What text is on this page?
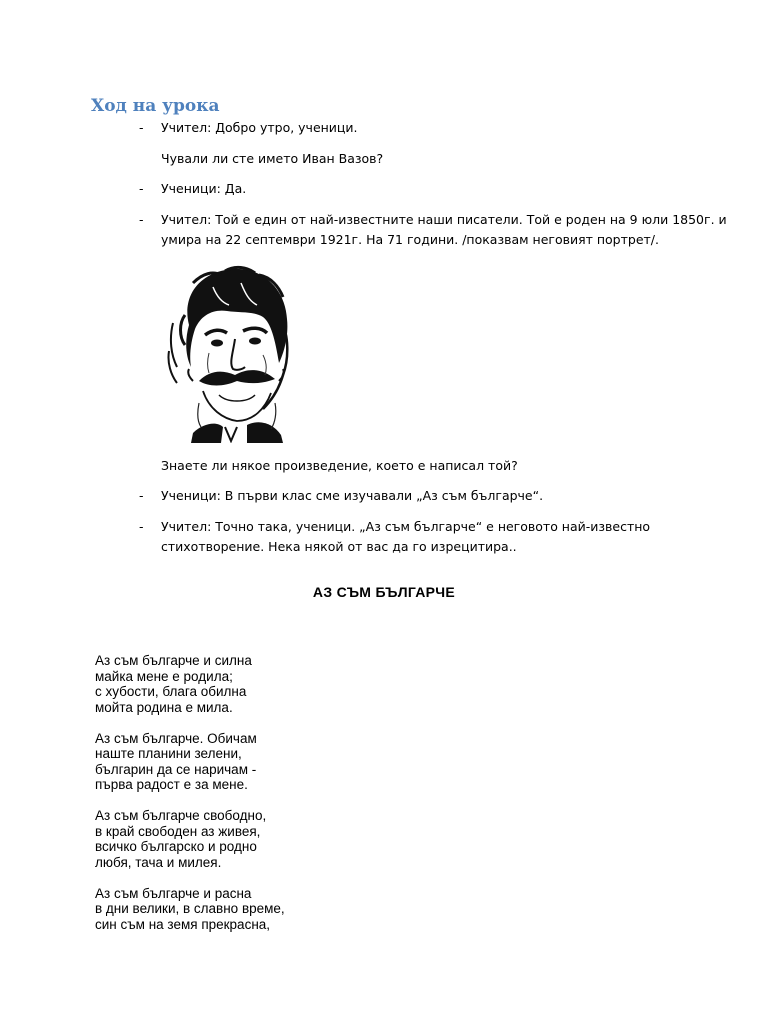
Ход на урока
- Учител: Добро утро, ученици.
Чували ли сте името Иван Вазов?
- Ученици: Да.
- Учител: Той е един от най-известните наши писатели. Той е роден на 9 юли 1850г. и
умира на 22 септември 1921г. На 71 години. /показвам неговият портрет/.
Знаете ли някое произведение, което е написал той?
- Ученици: В първи клас сме изучавали „Аз съм българче“.
- Учител: Точно така, ученици. „Аз съм българче“ е неговото най-известно
стихотворение. Нека някой от вас да го изрецитира..
АЗ СЪМ БЪЛГАРЧЕ
Аз съм българче и силна
майка мене е родила;
с хубости, блага обилна
мойта родина е мила.
Аз съм българче. Обичам
наште планини зелени,
българин да се наричам -
първа радост е за мене.
Аз съм българче свободно,
в край свободен аз живея,
всичко българско и родно
любя, тача и милея.
Аз съм българче и расна
в дни велики, в славно време,
син съм на земя прекрасна,
